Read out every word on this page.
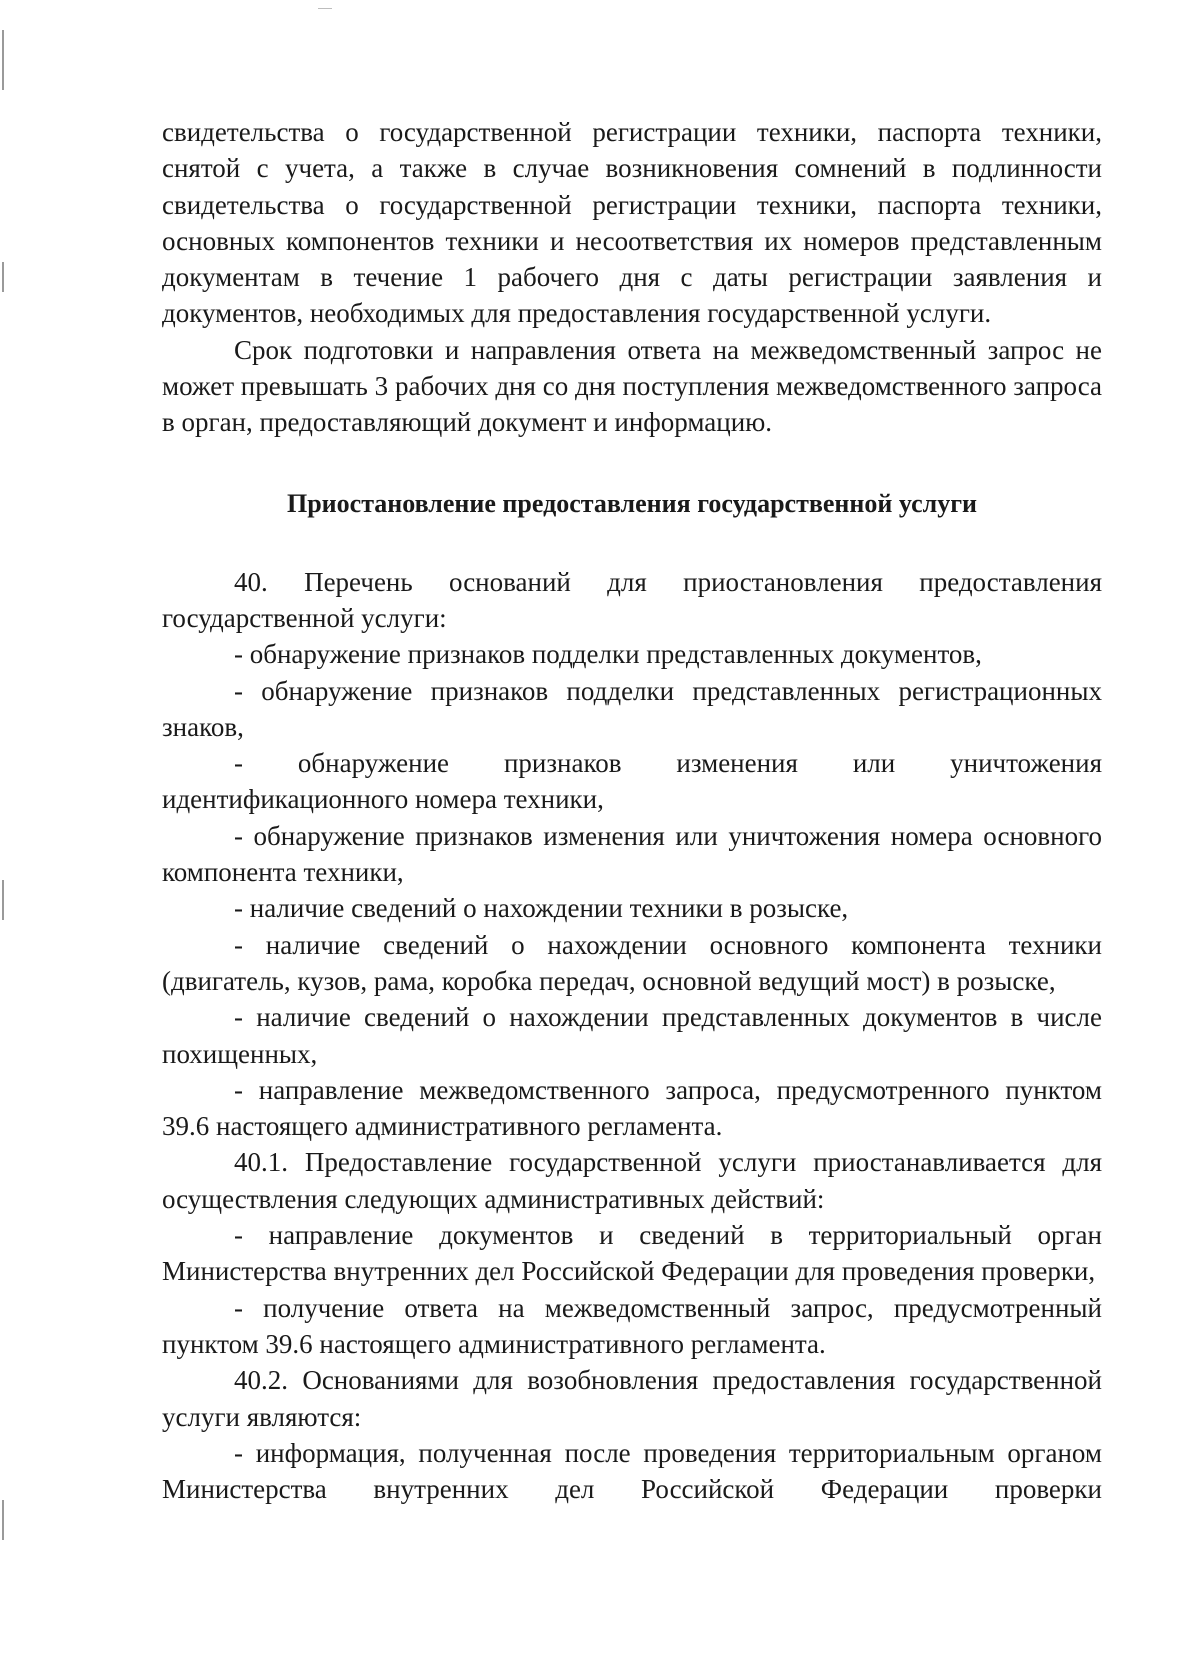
свидетельства о государственной регистрации техники, паспорта техники, снятой с учета, а также в случае возникновения сомнений в подлинности свидетельства о государственной регистрации техники, паспорта техники, основных компонентов техники и несоответствия их номеров представленным документам в течение 1 рабочего дня с даты регистрации заявления и документов, необходимых для предоставления государственной услуги.

Срок подготовки и направления ответа на межведомственный запрос не может превышать 3 рабочих дня со дня поступления межведомственного запроса в орган, предоставляющий документ и информацию.

Приостановление предоставления государственной услуги

40. Перечень оснований для приостановления предоставления государственной услуги:

- обнаружение признаков подделки представленных документов,

- обнаружение признаков подделки представленных регистрационных знаков,

- обнаружение признаков изменения или уничтожения идентификационного номера техники,

- обнаружение признаков изменения или уничтожения номера основного компонента техники,

- наличие сведений о нахождении техники в розыске,

- наличие сведений о нахождении основного компонента техники (двигатель, кузов, рама, коробка передач, основной ведущий мост) в розыске,

- наличие сведений о нахождении представленных документов в числе похищенных,

- направление межведомственного запроса, предусмотренного пунктом 39.6 настоящего административного регламента.

40.1. Предоставление государственной услуги приостанавливается для осуществления следующих административных действий:

- направление документов и сведений в территориальный орган Министерства внутренних дел Российской Федерации для проведения проверки,

- получение ответа на межведомственный запрос, предусмотренный пунктом 39.6 настоящего административного регламента.

40.2. Основаниями для возобновления предоставления государственной услуги являются:

- информация, полученная после проведения территориальным органом Министерства внутренних дел Российской Федерации проверки
